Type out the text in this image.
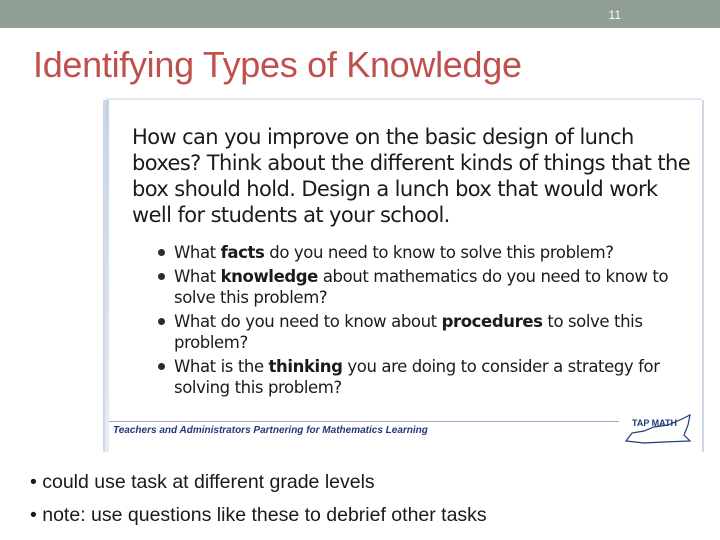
11
Identifying Types of Knowledge
How can you improve on the basic design of lunch boxes? Think about the different kinds of things that the box should hold. Design a lunch box that would work well for students at your school.
What facts do you need to know to solve this problem?
What knowledge about mathematics do you need to know to solve this problem?
What do you need to know about procedures to solve this problem?
What is the thinking you are doing to consider a strategy for solving this problem?
Teachers and Administrators Partnering for Mathematics Learning
TAP MATH
• could use task at different grade levels
• note: use questions like these to debrief other tasks
